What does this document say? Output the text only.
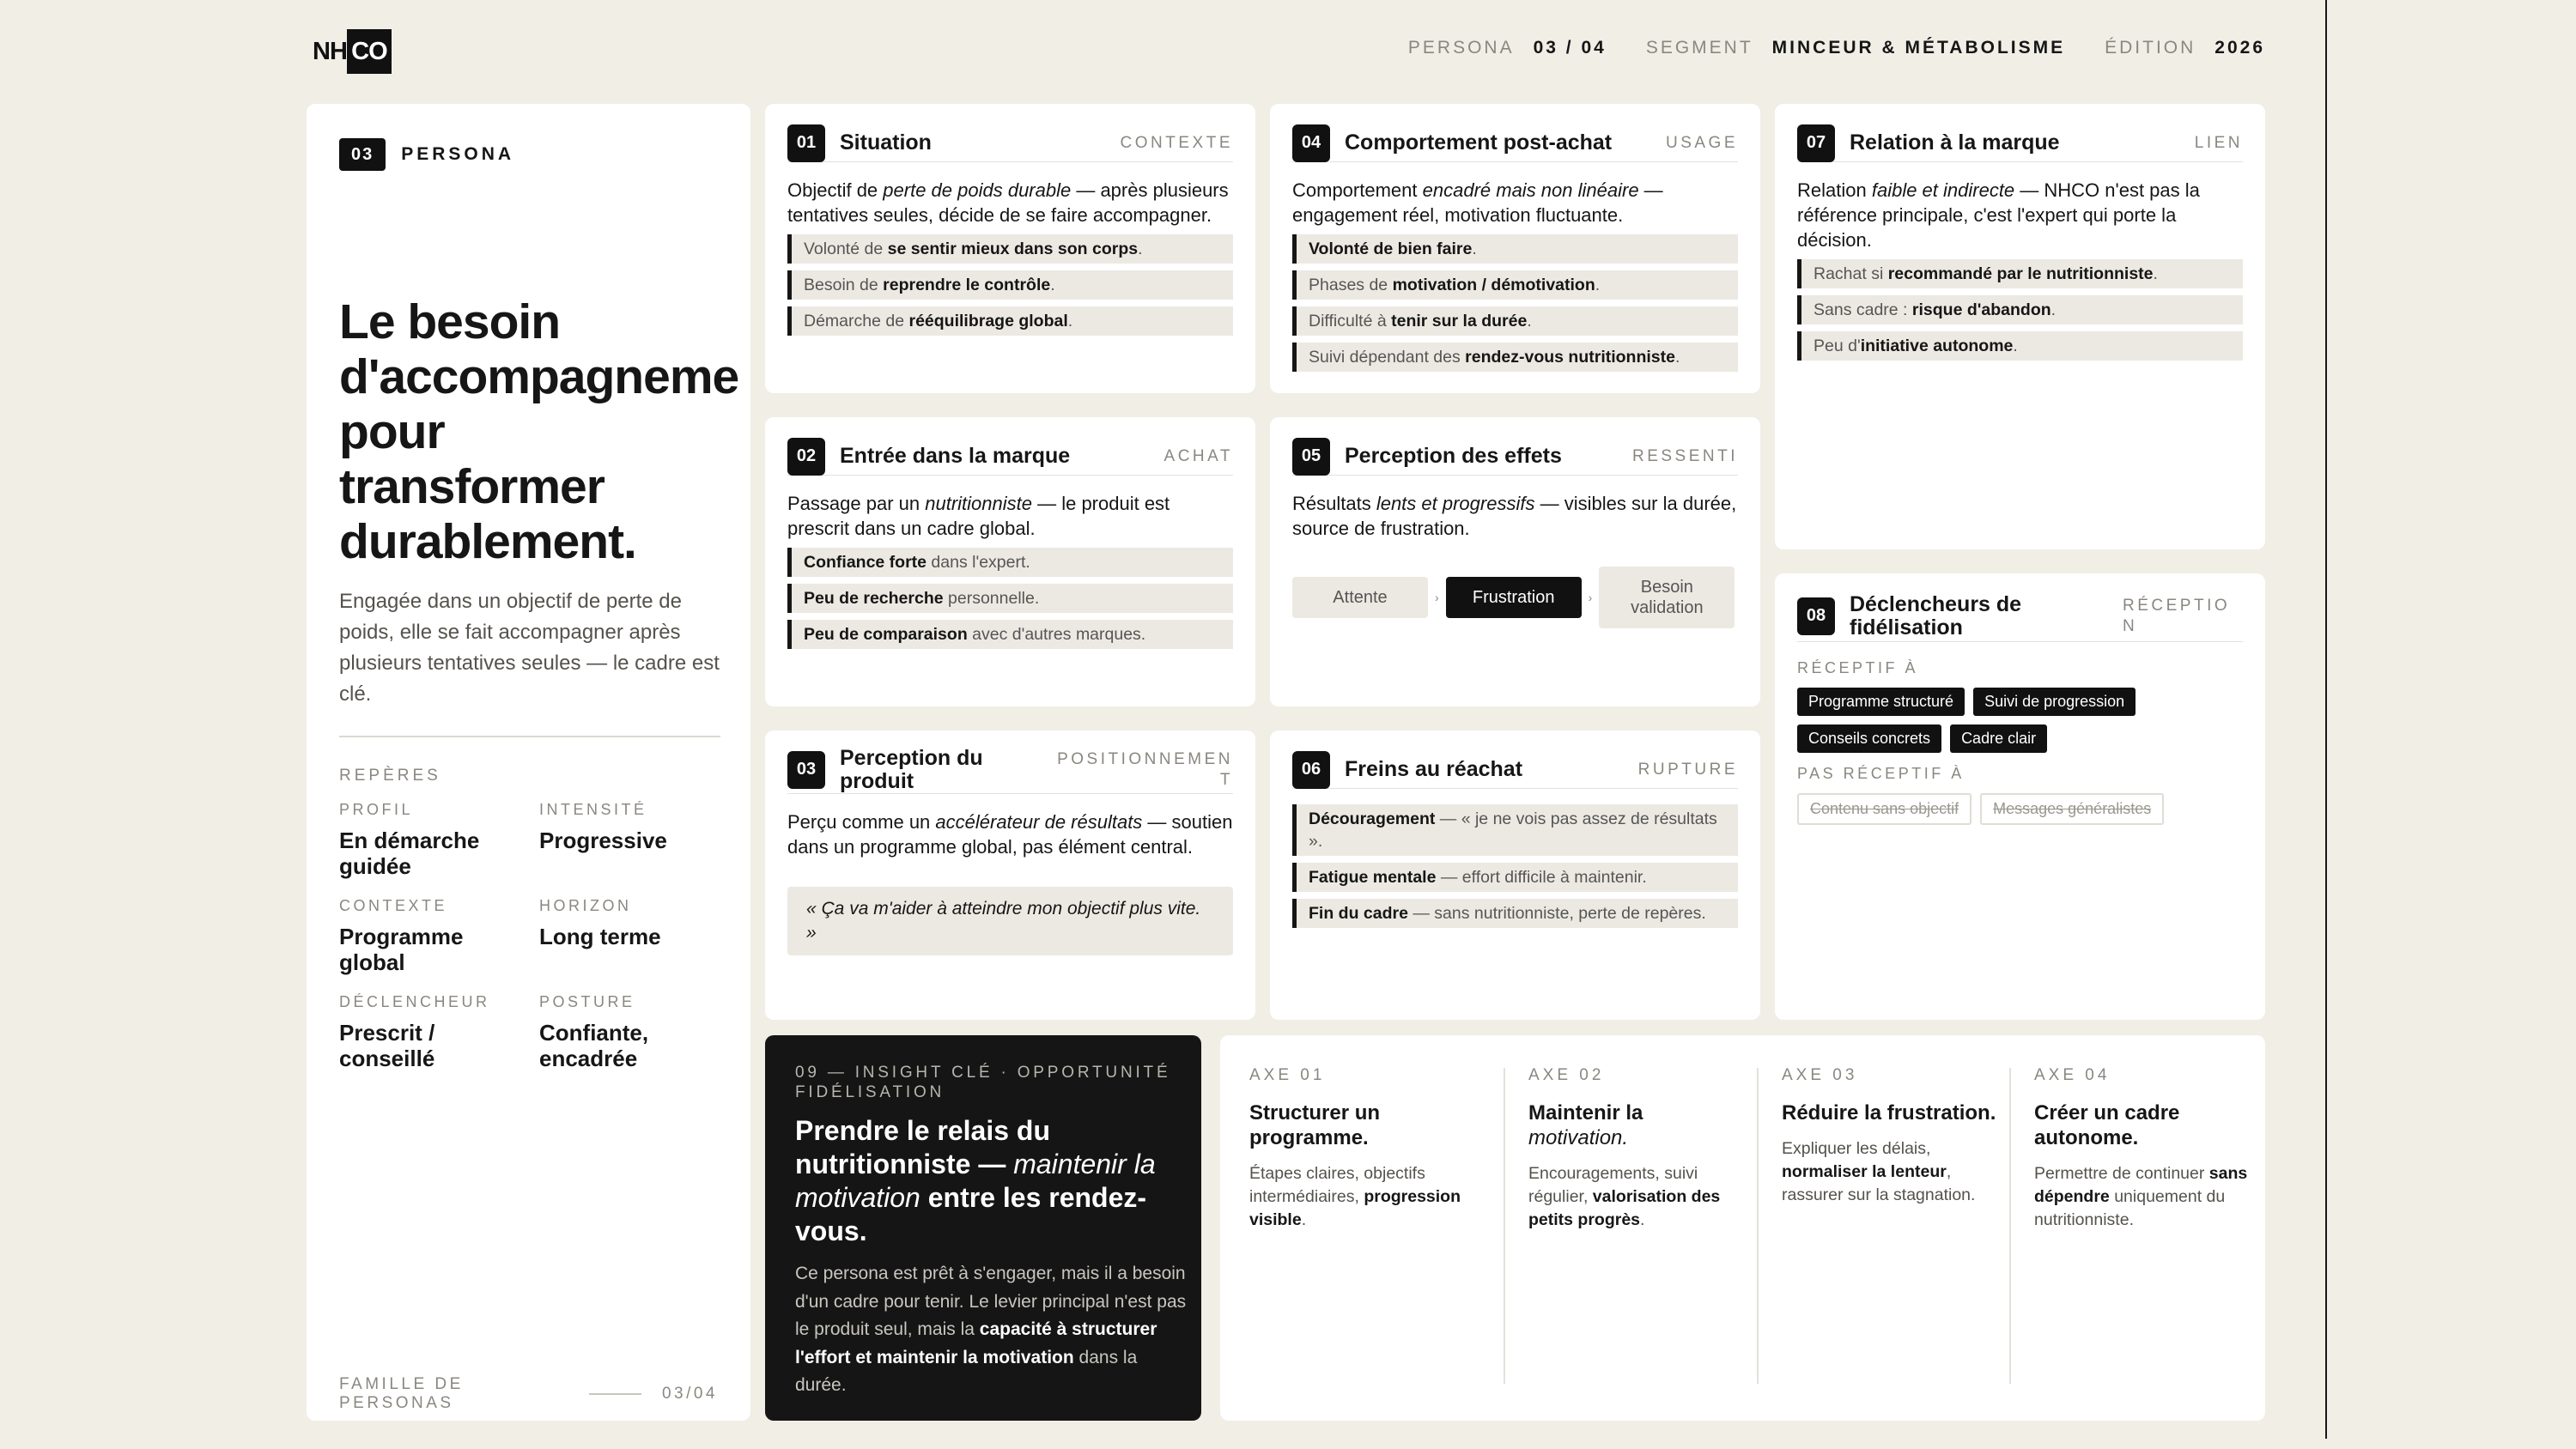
NH CO	PERSONA 03 / 04 SEGMENT MINCEUR & MÉTABOLISME ÉDITION 2026
03	PERSONA
Le besoin
d'accompagneme
pour
transformer
durablement.
Engagée dans un objectif de perte de poids, elle se fait accompagner après plusieurs tentatives seules — le cadre est clé.
REPÈRES
PROFIL
En démarche guidée
INTENSITÉ
Progressive
CONTEXTE
Programme global
HORIZON
Long terme
DÉCLENCHEUR
Prescrit / conseillé
POSTURE
Confiante, encadrée
FAMILLE DE PERSONAS
03/04
01	Situation	CONTEXTE
Objectif de perte de poids durable — après plusieurs tentatives seules, décide de se faire accompagner.
Volonté de se sentir mieux dans son corps.
Besoin de reprendre le contrôle.
Démarche de rééquilibrage global.
02	Entrée dans la marque	ACHAT
Passage par un nutritionniste — le produit est prescrit dans un cadre global.
Confiance forte dans l'expert.
Peu de recherche personnelle.
Peu de comparaison avec d'autres marques.
03	Perception du produit
POSITIONNEMENT
Perçu comme un accélérateur de résultats — soutien dans un programme global, pas élément central.
« Ça va m'aider à atteindre mon objectif plus vite. »
04	Comportement post-achat	USAGE
Comportement encadré mais non linéaire — engagement réel, motivation fluctuante.
Volonté de bien faire.
Phases de motivation / démotivation.
Difficulté à tenir sur la durée.
Suivi dépendant des rendez-vous nutritionniste.
05	Perception des effets	RESSENTI
Résultats lents et progressifs — visibles sur la durée, source de frustration.
Attente	›	Frustration	›
Besoin validation
06	Freins au réachat	RUPTURE
Découragement — « je ne vois pas assez de résultats ».
Fatigue mentale — effort difficile à maintenir.
Fin du cadre — sans nutritionniste, perte de repères.
07	Relation à la marque	LIEN
Relation faible et indirecte — NHCO n'est pas la référence principale, c'est l'expert qui porte la décision.
Rachat si recommandé par le nutritionniste.
Sans cadre : risque d'abandon.
Peu d'initiative autonome.
08	Déclencheurs de fidélisation
RÉCEPTION
RÉCEPTIF À
Programme structuré	Suivi de progression
Conseils concrets	Cadre clair
PAS RÉCEPTIF À
Contenu sans objectif	Messages généralistes
09 — INSIGHT CLÉ · OPPORTUNITÉ FIDÉLISATION
Prendre le relais du nutritionniste — maintenir la motivation entre les rendez-vous.

Ce persona est prêt à s'engager, mais il a besoin d'un cadre pour tenir. Le levier principal n'est pas le produit seul, mais la capacité à structurer l'effort et maintenir la motivation dans la durée.

AXE 01
Structurer un programme.
Étapes claires, objectifs intermédiaires, progression visible.
AXE 02
Maintenir la motivation.
Encouragements, suivi régulier, valorisation des petits progrès.
AXE 03
Réduire la frustration.
Expliquer les délais, normaliser la lenteur, rassurer sur la stagnation.
AXE 04
Créer un cadre autonome.
Permettre de continuer sans dépendre uniquement du nutritionniste.
